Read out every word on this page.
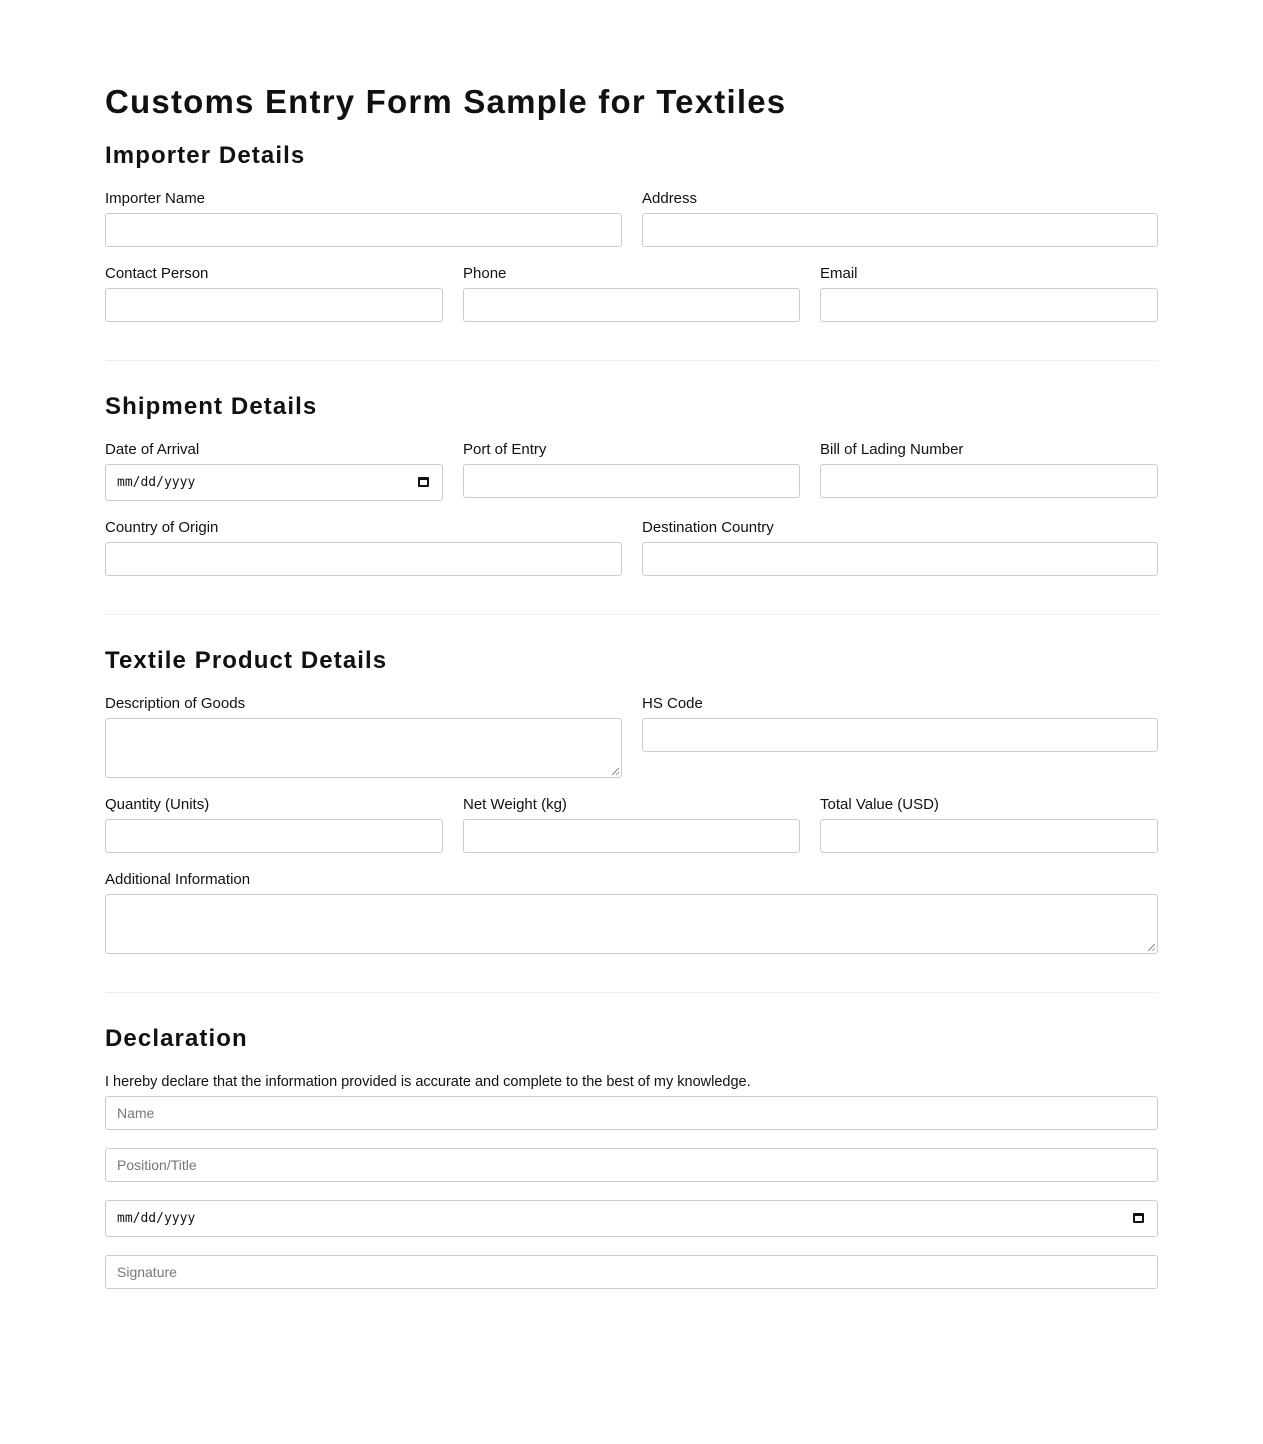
Customs Entry Form Sample for Textiles
Importer Details
Importer Name	Address
Contact Person	Phone	Email
Shipment Details
Date of Arrival	Port of Entry	Bill of Lading Number
mm/dd/yyyy
Country of Origin	Destination Country
Textile Product Details
Description of Goods	HS Code
Quantity (Units)	Net Weight (kg)	Total Value (USD)
Additional Information
Declaration
I hereby declare that the information provided is accurate and complete to the best of my knowledge.
Name
Position/Title
mm/dd/yyyy
Signature
